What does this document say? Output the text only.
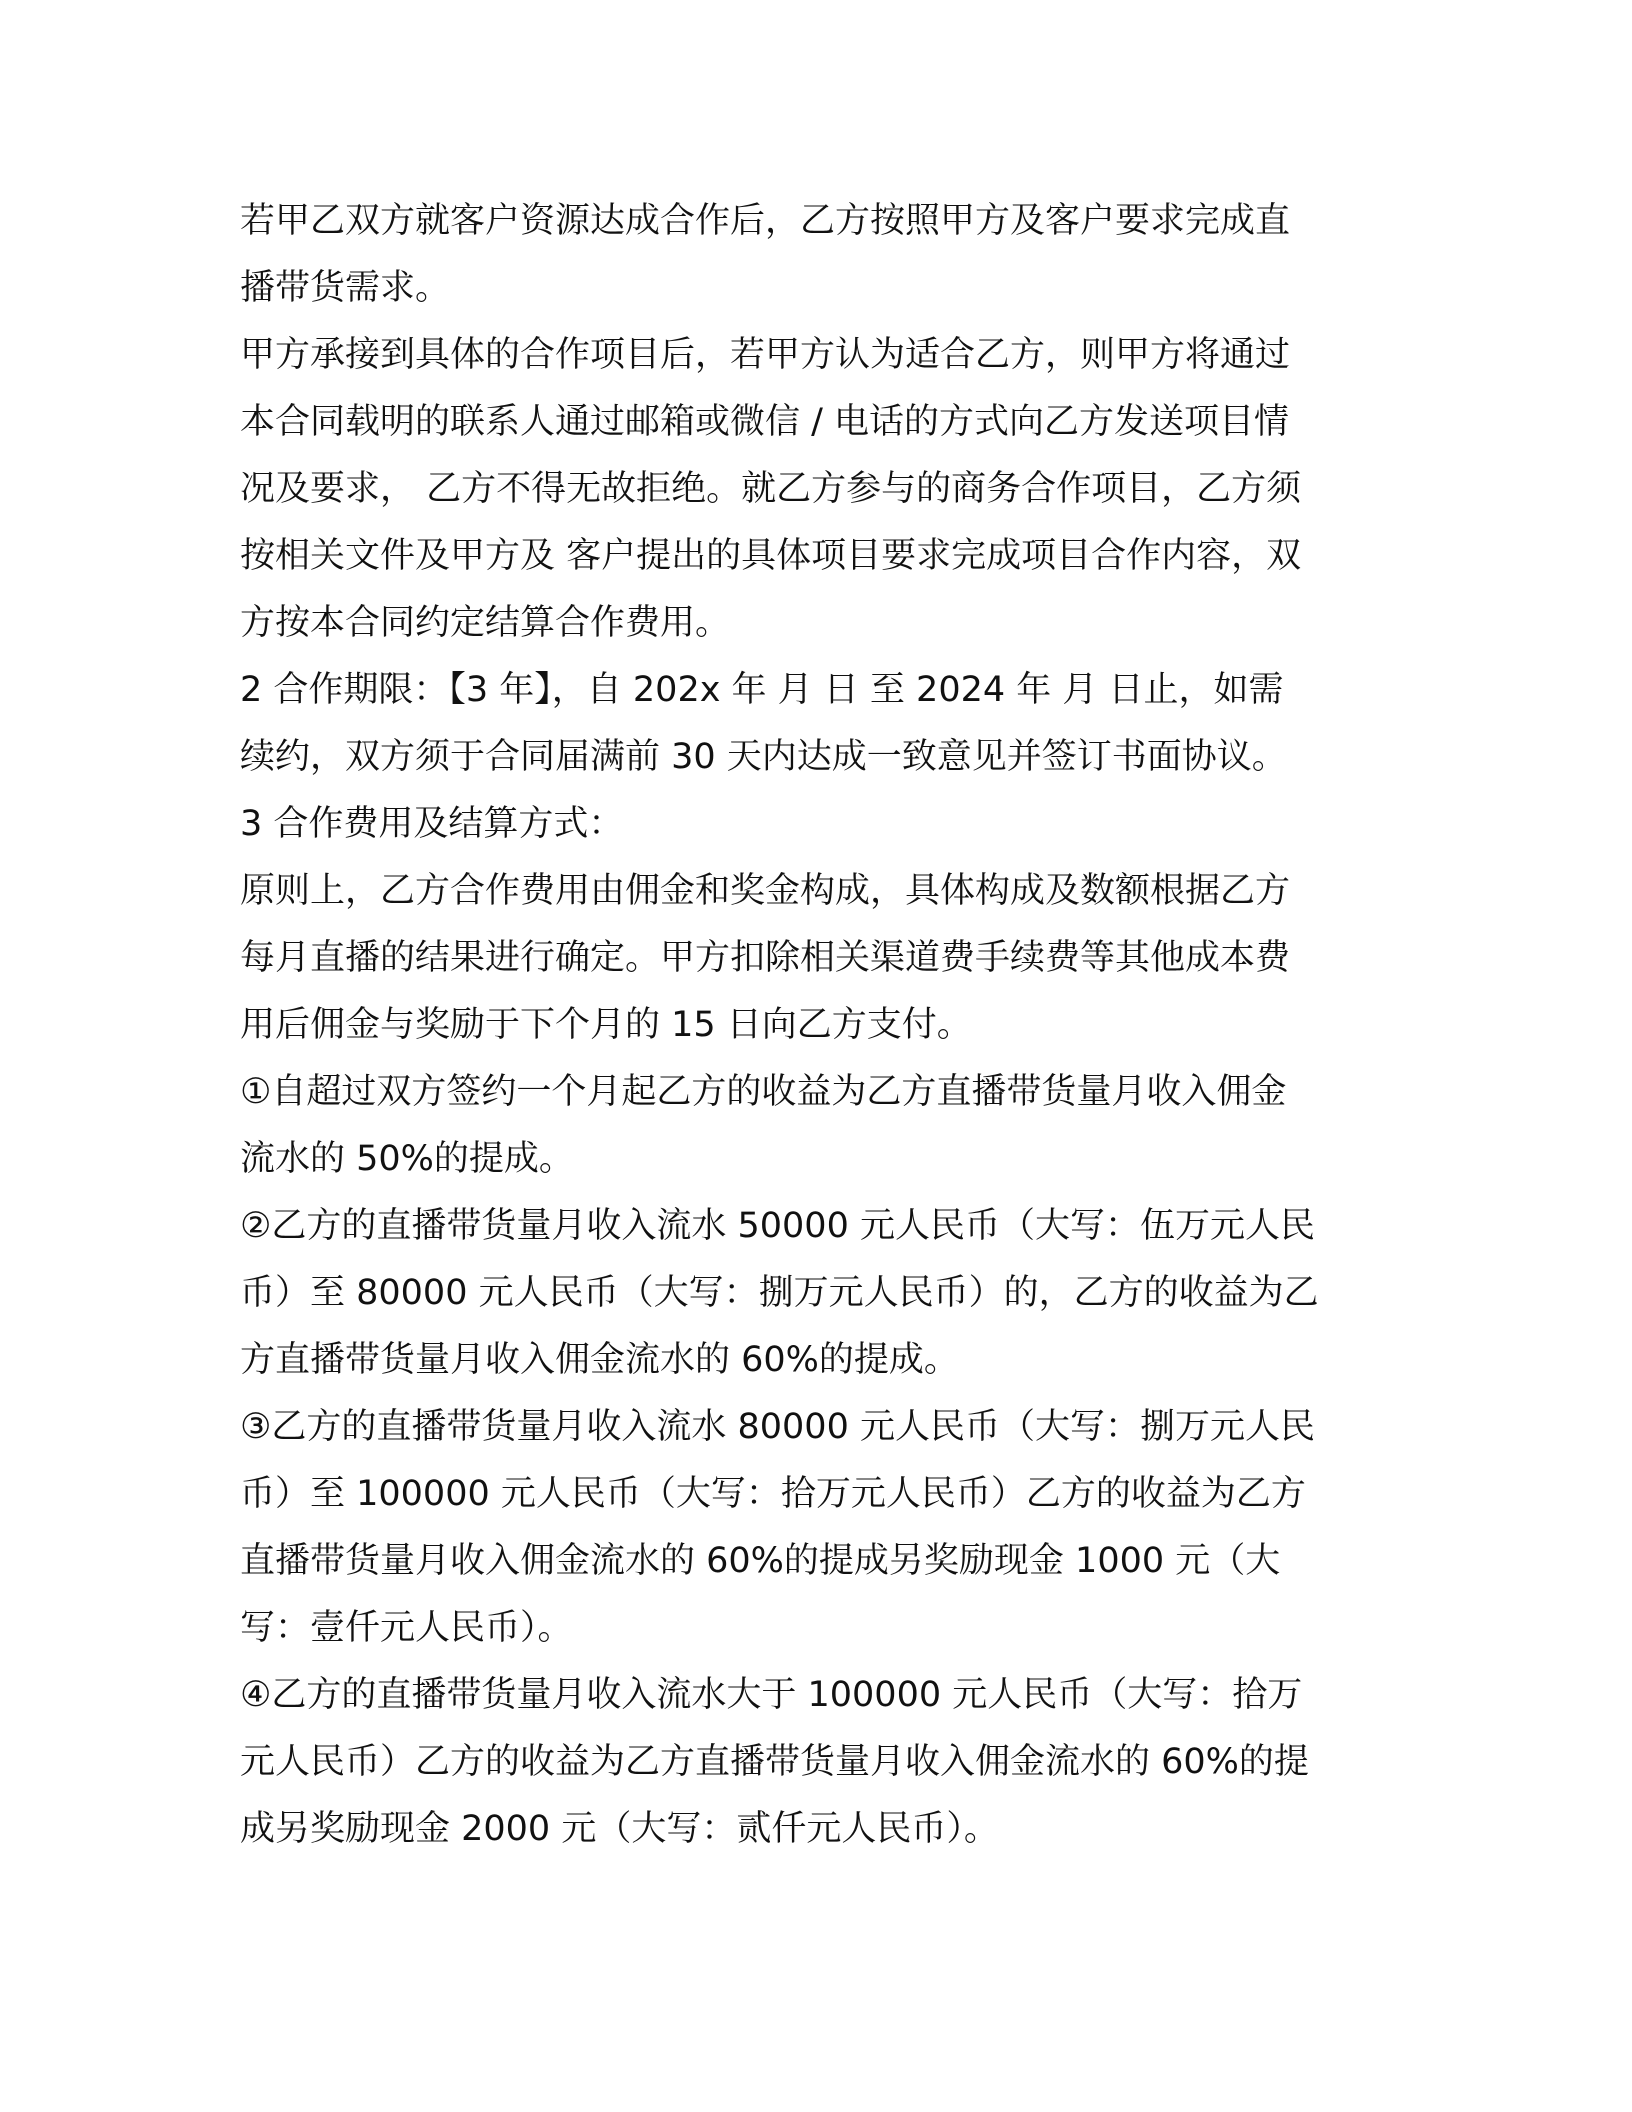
若甲乙双方就客户资源达成合作后，乙方按照甲方及客户要求完成直
播带货需求。
甲方承接到具体的合作项目后，若甲方认为适合乙方，则甲方将通过
本合同载明的联系人通过邮箱或微信 / 电话的方式向乙方发送项目情
况及要求， 乙方不得无故拒绝。就乙方参与的商务合作项目，乙方须
按相关文件及甲方及 客户提出的具体项目要求完成项目合作内容，双
方按本合同约定结算合作费用。
2 合作期限：【3 年】，自 202x 年 月 日 至 2024 年 月 日止，如需
续约，双方须于合同届满前 30 天内达成一致意见并签订书面协议。
3 合作费用及结算方式：
原则上，乙方合作费用由佣金和奖金构成，具体构成及数额根据乙方
每月直播的结果进行确定。甲方扣除相关渠道费手续费等其他成本费
用后佣金与奖励于下个月的 15 日向乙方支付。
①自超过双方签约一个月起乙方的收益为乙方直播带货量月收入佣金
流水的 50%的提成。
②乙方的直播带货量月收入流水 50000 元人民币（大写：伍万元人民
币）至 80000 元人民币（大写：捌万元人民币）的，乙方的收益为乙
方直播带货量月收入佣金流水的 60%的提成。
③乙方的直播带货量月收入流水 80000 元人民币（大写：捌万元人民
币）至 100000 元人民币（大写：拾万元人民币）乙方的收益为乙方
直播带货量月收入佣金流水的 60%的提成另奖励现金 1000 元（大
写：壹仟元人民币）。
④乙方的直播带货量月收入流水大于 100000 元人民币（大写：拾万
元人民币）乙方的收益为乙方直播带货量月收入佣金流水的 60%的提
成另奖励现金 2000 元（大写：贰仟元人民币）。
